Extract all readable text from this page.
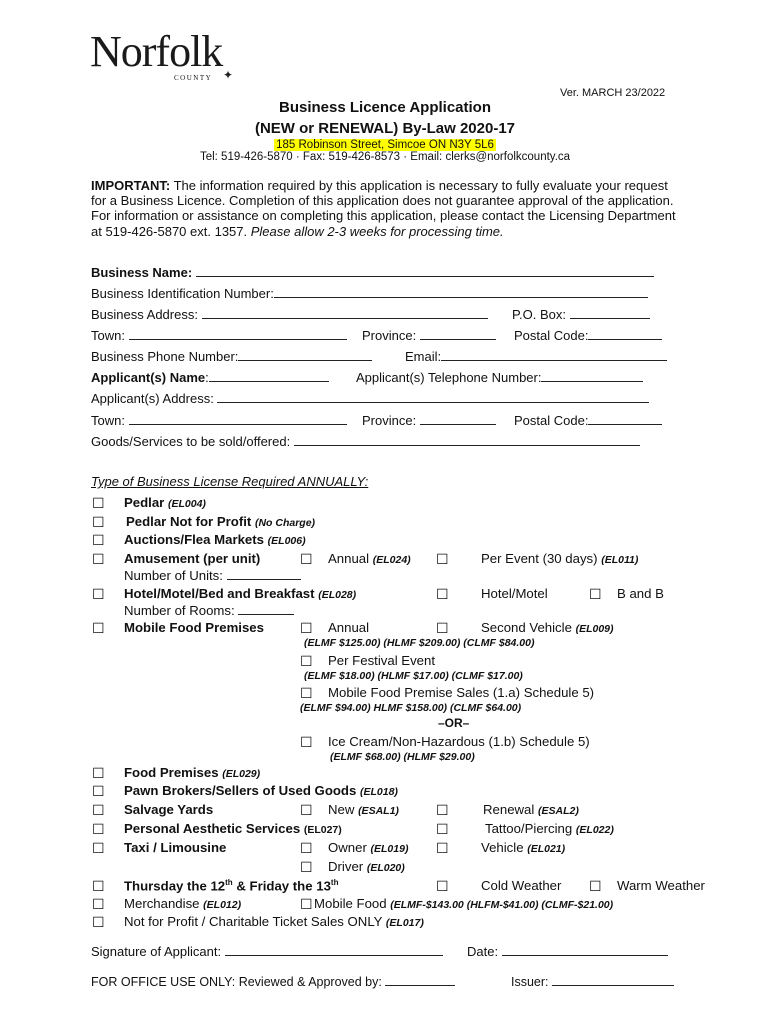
Norfolk
COUNTY ✦
Ver. MARCH 23/2022
Business Licence Application
(NEW or RENEWAL) By-Law 2020-17
185 Robinson Street, Simcoe ON N3Y 5L6
Tel: 519-426-5870 · Fax: 519-426-8573 · Email: clerks@norfolkcounty.ca
IMPORTANT: The information required by this application is necessary to fully evaluate your request for a Business Licence. Completion of this application does not guarantee approval of the application. For information or assistance on completing this application, please contact the Licensing Department at 519-426-5870 ext. 1357. Please allow 2-3 weeks for processing time.
Business Name:
Business Identification Number:
Business Address:	P.O. Box:
Town:	Province:	Postal Code:
Business Phone Number:	Email:
Applicant(s) Name:	Applicant(s) Telephone Number:
Applicant(s) Address:
Town:	Province:	Postal Code:
Goods/Services to be sold/offered:
Type of Business License Required ANNUALLY:
☐ Pedlar (EL004)
☐ Pedlar Not for Profit (No Charge)
☐ Auctions/Flea Markets (EL006)
☐ Amusement (per unit)	☐ Annual (EL024) ☐ Per Event (30 days) (EL011)
Number of Units:
☐ Hotel/Motel/Bed and Breakfast (EL028)	☐ Hotel/Motel	☐ B and B
Number of Rooms:
☐ Mobile Food Premises	☐ Annual	☐ Second Vehicle (EL009)
(ELMF $125.00) (HLMF $209.00) (CLMF $84.00)
☐ Per Festival Event
(ELMF $18.00) (HLMF $17.00) (CLMF $17.00)
☐ Mobile Food Premise Sales (1.a) Schedule 5)
(ELMF $94.00) HLMF $158.00) (CLMF $64.00)
–OR–
☐ Ice Cream/Non-Hazardous (1.b) Schedule 5)
(ELMF $68.00) (HLMF $29.00)
☐ Food Premises (EL029)
☐ Pawn Brokers/Sellers of Used Goods (EL018)
☐ Salvage Yards	☐ New (ESAL1)	☐	Renewal (ESAL2)
☐ Personal Aesthetic Services (EL027)	☐	Tattoo/Piercing (EL022)
☐ Taxi / Limousine	☐ Owner (EL019) ☐ Vehicle (EL021)
☐ Driver (EL020)
☐ Thursday the 12th & Friday the 13th	☐ Cold Weather ☐ Warm Weather
☐ Merchandise (EL012)	☐ Mobile Food (ELMF-$143.00 (HLFM-$41.00) (CLMF-$21.00)
☐ Not for Profit / Charitable Ticket Sales ONLY (EL017)
Signature of Applicant:	Date:
FOR OFFICE USE ONLY: Reviewed & Approved by:	Issuer:
